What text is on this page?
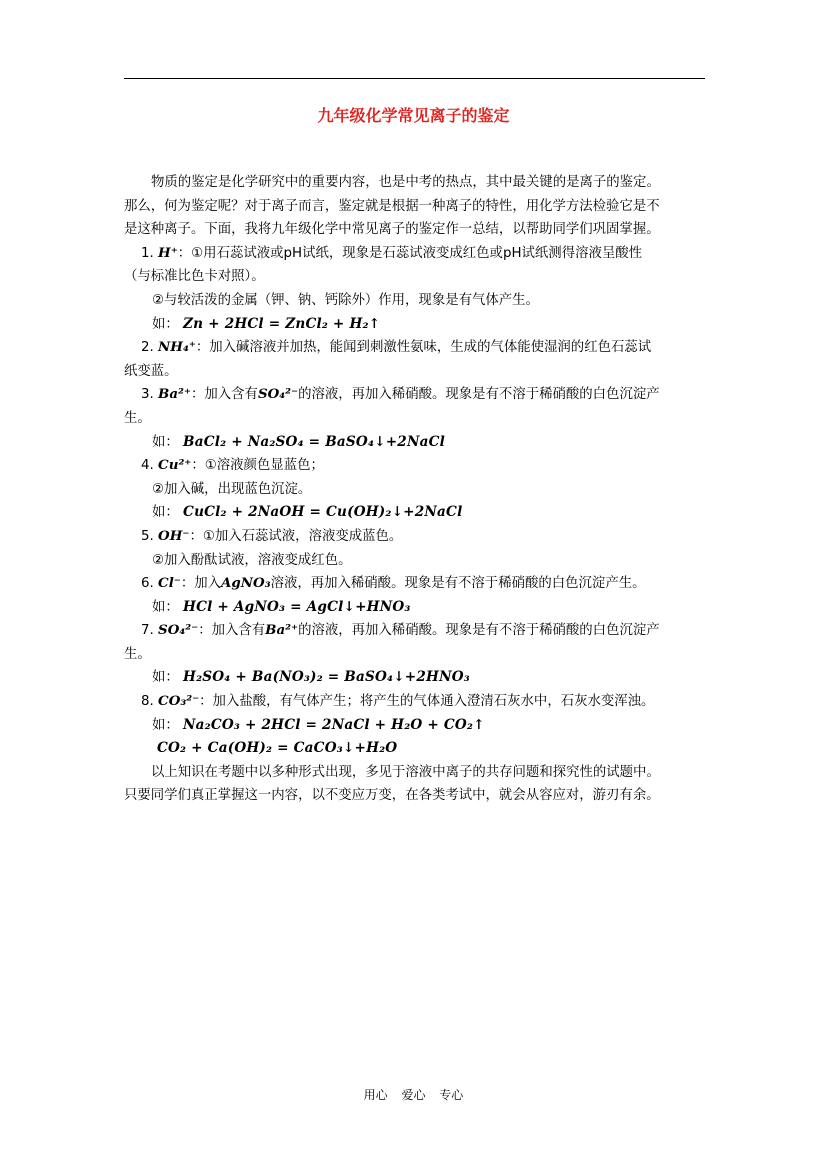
九年级化学常见离子的鉴定

物质的鉴定是化学研究中的重要内容，也是中考的热点，其中最关键的是离子的鉴定。

那么，何为鉴定呢？对于离子而言，鉴定就是根据一种离子的特性，用化学方法检验它是不

是这种离子。下面，我将九年级化学中常见离子的鉴定作一总结，以帮助同学们巩固掌握。

1. H⁺：①用石蕊试液或pH试纸，现象是石蕊试液变成红色或pH试纸测得溶液呈酸性

（与标准比色卡对照）。

②与较活泼的金属（钾、钠、钙除外）作用，现象是有气体产生。

如： Zn + 2HCl = ZnCl₂ + H₂↑

2. NH₄⁺：加入碱溶液并加热，能闻到刺激性氨味，生成的气体能使湿润的红色石蕊试

纸变蓝。

3. Ba²⁺：加入含有SO₄²⁻的溶液，再加入稀硝酸。现象是有不溶于稀硝酸的白色沉淀产

生。

如： BaCl₂ + Na₂SO₄ = BaSO₄↓+2NaCl

4. Cu²⁺：①溶液颜色显蓝色；

②加入碱，出现蓝色沉淀。

如： CuCl₂ + 2NaOH = Cu(OH)₂↓+2NaCl

5. OH⁻：①加入石蕊试液，溶液变成蓝色。

②加入酚酞试液，溶液变成红色。

6. Cl⁻：加入AgNO₃溶液，再加入稀硝酸。现象是有不溶于稀硝酸的白色沉淀产生。

如： HCl + AgNO₃ = AgCl↓+HNO₃

7. SO₄²⁻：加入含有Ba²⁺的溶液，再加入稀硝酸。现象是有不溶于稀硝酸的白色沉淀产

生。

如： H₂SO₄ + Ba(NO₃)₂ = BaSO₄↓+2HNO₃

8. CO₃²⁻：加入盐酸，有气体产生；将产生的气体通入澄清石灰水中，石灰水变浑浊。

如： Na₂CO₃ + 2HCl = 2NaCl + H₂O + CO₂↑

CO₂ + Ca(OH)₂ = CaCO₃↓+H₂O

以上知识在考题中以多种形式出现，多见于溶液中离子的共存问题和探究性的试题中。

只要同学们真正掌握这一内容，以不变应万变，在各类考试中，就会从容应对，游刃有余。

用心 爱心 专心
